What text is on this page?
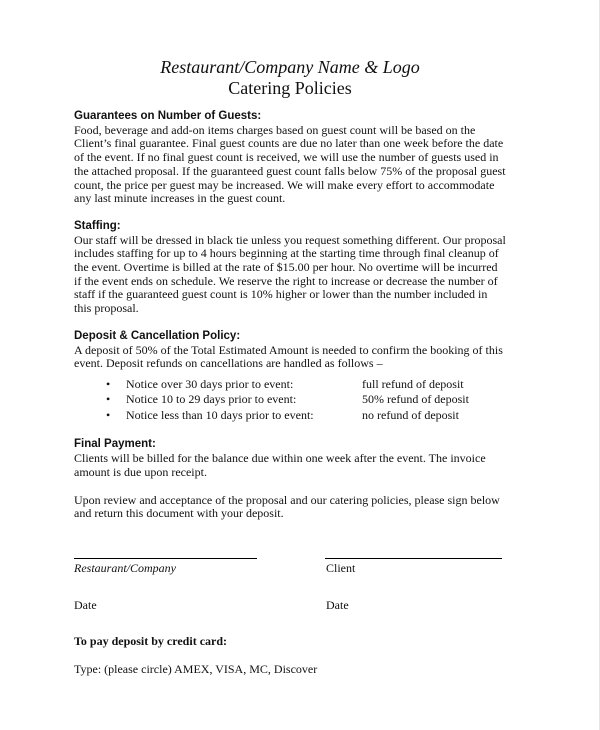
Restaurant/Company Name & Logo
Catering Policies
Guarantees on Number of Guests:
Food, beverage and add-on items charges based on guest count will be based on the
Client’s final guarantee. Final guest counts are due no later than one week before the date
of the event. If no final guest count is received, we will use the number of guests used in
the attached proposal. If the guaranteed guest count falls below 75% of the proposal guest
count, the price per guest may be increased. We will make every effort to accommodate
any last minute increases in the guest count.
Staffing:
Our staff will be dressed in black tie unless you request something different. Our proposal
includes staffing for up to 4 hours beginning at the starting time through final cleanup of
the event. Overtime is billed at the rate of $15.00 per hour. No overtime will be incurred
if the event ends on schedule. We reserve the right to increase or decrease the number of
staff if the guaranteed guest count is 10% higher or lower than the number included in
this proposal.
Deposit & Cancellation Policy:
A deposit of 50% of the Total Estimated Amount is needed to confirm the booking of this
event. Deposit refunds on cancellations are handled as follows –
• Notice over 30 days prior to event:	full refund of deposit
• Notice 10 to 29 days prior to event:	50% refund of deposit
• Notice less than 10 days prior to event:	no refund of deposit
Final Payment:
Clients will be billed for the balance due within one week after the event. The invoice
amount is due upon receipt.
Upon review and acceptance of the proposal and our catering policies, please sign below
and return this document with your deposit.
Restaurant/Company	Client
Date	Date
To pay deposit by credit card:
Type: (please circle) AMEX, VISA, MC, Discover
